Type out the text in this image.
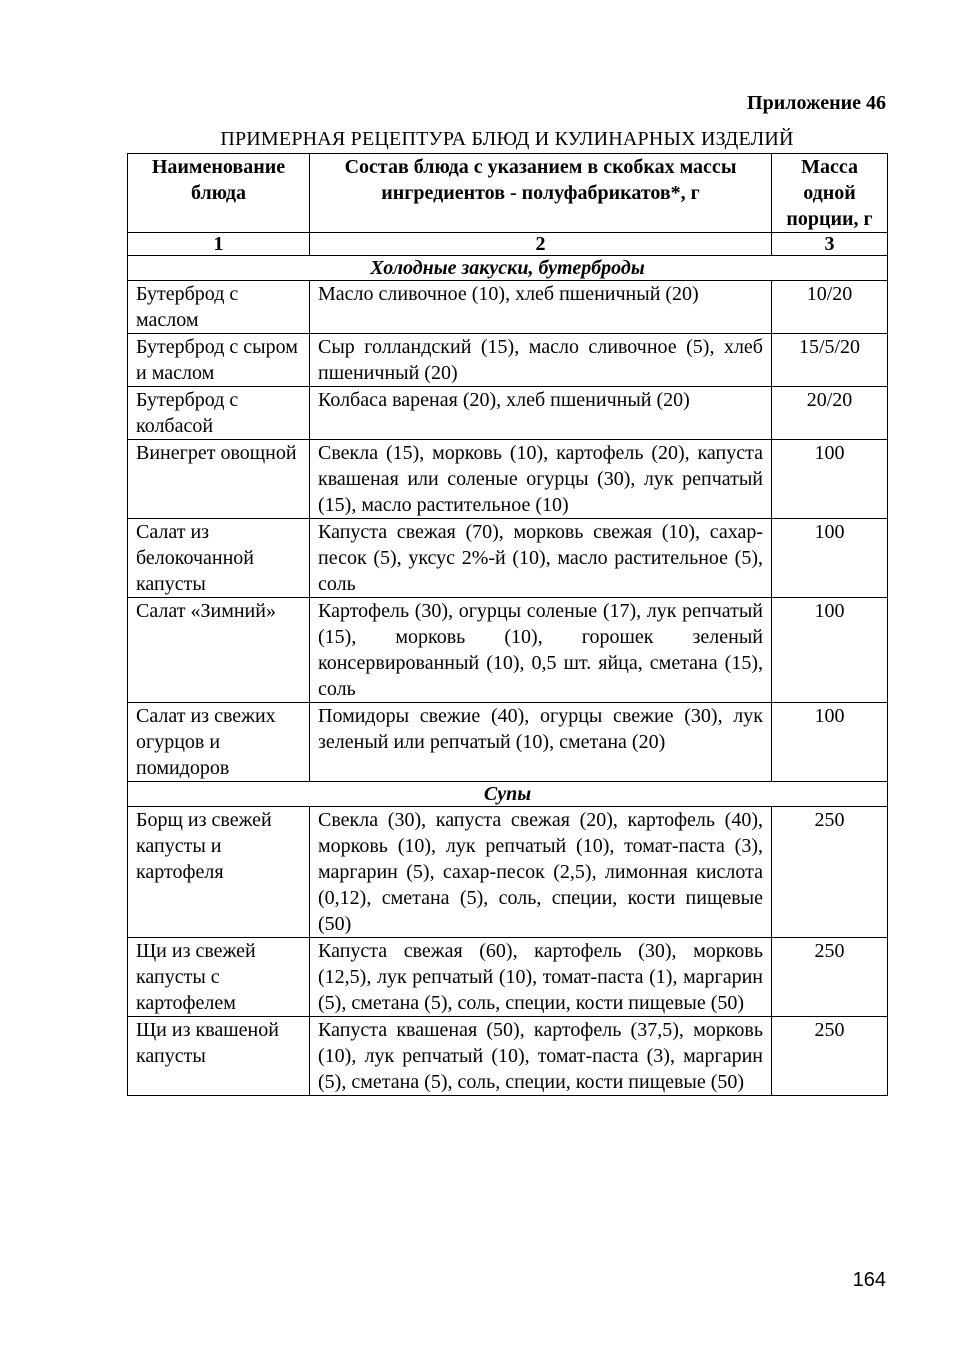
Приложение 46
ПРИМЕРНАЯ РЕЦЕПТУРА БЛЮД И КУЛИНАРНЫХ ИЗДЕЛИЙ
Наименование блюда	Состав блюда с указанием в скобках массы ингредиентов - полуфабрикатов*, г	Масса одной порции, г
1	2	3
Холодные закуски, бутерброды		
Бутерброд с маслом	Масло сливочное (10), хлеб пшеничный (20)	10/20
Бутерброд с сыром и маслом	Сыр голландский (15), масло сливочное (5), хлеб пшеничный (20)	15/5/20
Бутерброд с колбасой	Колбаса вареная (20), хлеб пшеничный (20)	20/20
Винегрет овощной	Свекла (15), морковь (10), картофель (20), капуста квашеная или соленые огурцы (30), лук репчатый (15), масло растительное (10)	100
Салат из белокочанной капусты	Капуста свежая (70), морковь свежая (10), сахар-песок (5), уксус 2%-й (10), масло растительное (5), соль	100
Салат «Зимний»	Картофель (30), огурцы соленые (17), лук репчатый (15), морковь (10), горошек зеленый консервированный (10), 0,5 шт. яйца, сметана (15), соль	100
Салат из свежих огурцов и помидоров	Помидоры свежие (40), огурцы свежие (30), лук зеленый или репчатый (10), сметана (20)	100
Супы		
Борщ из свежей капусты и картофеля	Свекла (30), капуста свежая (20), картофель (40), морковь (10), лук репчатый (10), томат-паста (3), маргарин (5), сахар-песок (2,5), лимонная кислота (0,12), сметана (5), соль, специи, кости пищевые (50)	250
Щи из свежей капусты с картофелем	Капуста свежая (60), картофель (30), морковь (12,5), лук репчатый (10), томат-паста (1), маргарин (5), сметана (5), соль, специи, кости пищевые (50)	250
Щи из квашеной капусты	Капуста квашеная (50), картофель (37,5), морковь (10), лук репчатый (10), томат-паста (3), маргарин (5), сметана (5), соль, специи, кости пищевые (50)	250
164
